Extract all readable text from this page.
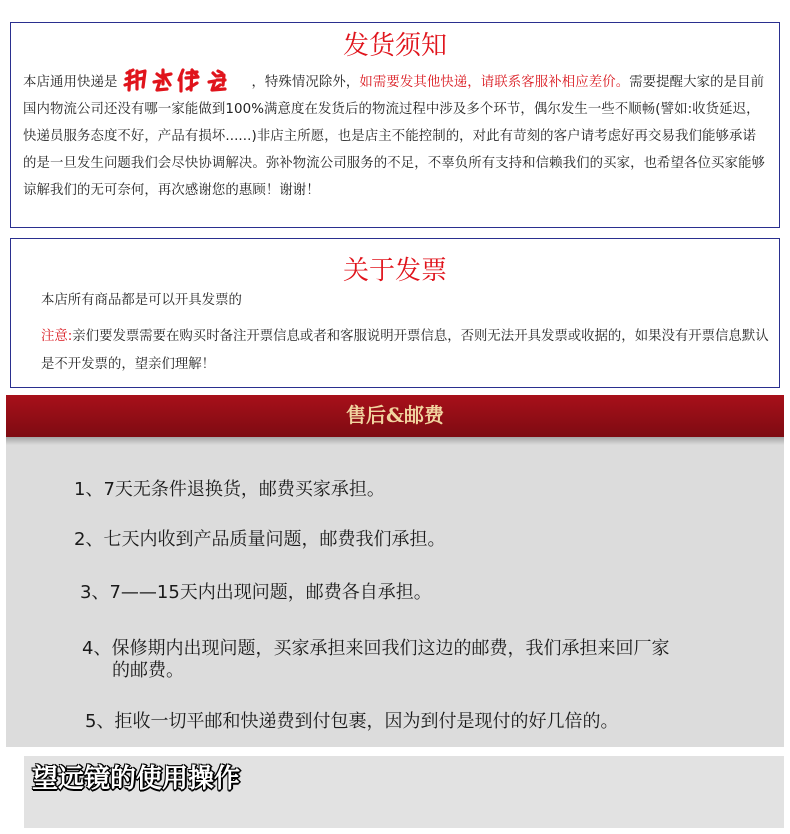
发货须知

本店通用快递是	，特殊情况除外，如需要发其他快递，请联系客服补相应差价。需要提醒大家的是目前国内物流公司还没有哪一家能做到100%满意度在发货后的物流过程中涉及多个环节，偶尔发生一些不顺畅(譬如:收货延迟，快递员服务态度不好，产品有损坏......)非店主所愿，也是店主不能控制的，对此有苛刻的客户请考虑好再交易我们能够承诺的是一旦发生问题我们会尽快协调解决。弥补物流公司服务的不足，不辜负所有支持和信赖我们的买家，也希望各位买家能够谅解我们的无可奈何，再次感谢您的惠顾！谢谢！

关于发票

本店所有商品都是可以开具发票的

注意:亲们要发票需要在购买时备注开票信息或者和客服说明开票信息，否则无法开具发票或收据的，如果没有开票信息默认是不开发票的，望亲们理解！

售后&邮费

1、7天无条件退换货，邮费买家承担。

2、七天内收到产品质量问题，邮费我们承担。

3、7——15天内出现问题，邮费各自承担。

4、保修期内出现问题，买家承担来回我们这边的邮费，我们承担来回厂家
的邮费。

5、拒收一切平邮和快递费到付包裹，因为到付是现付的好几倍的。

望远镜的使用操作
